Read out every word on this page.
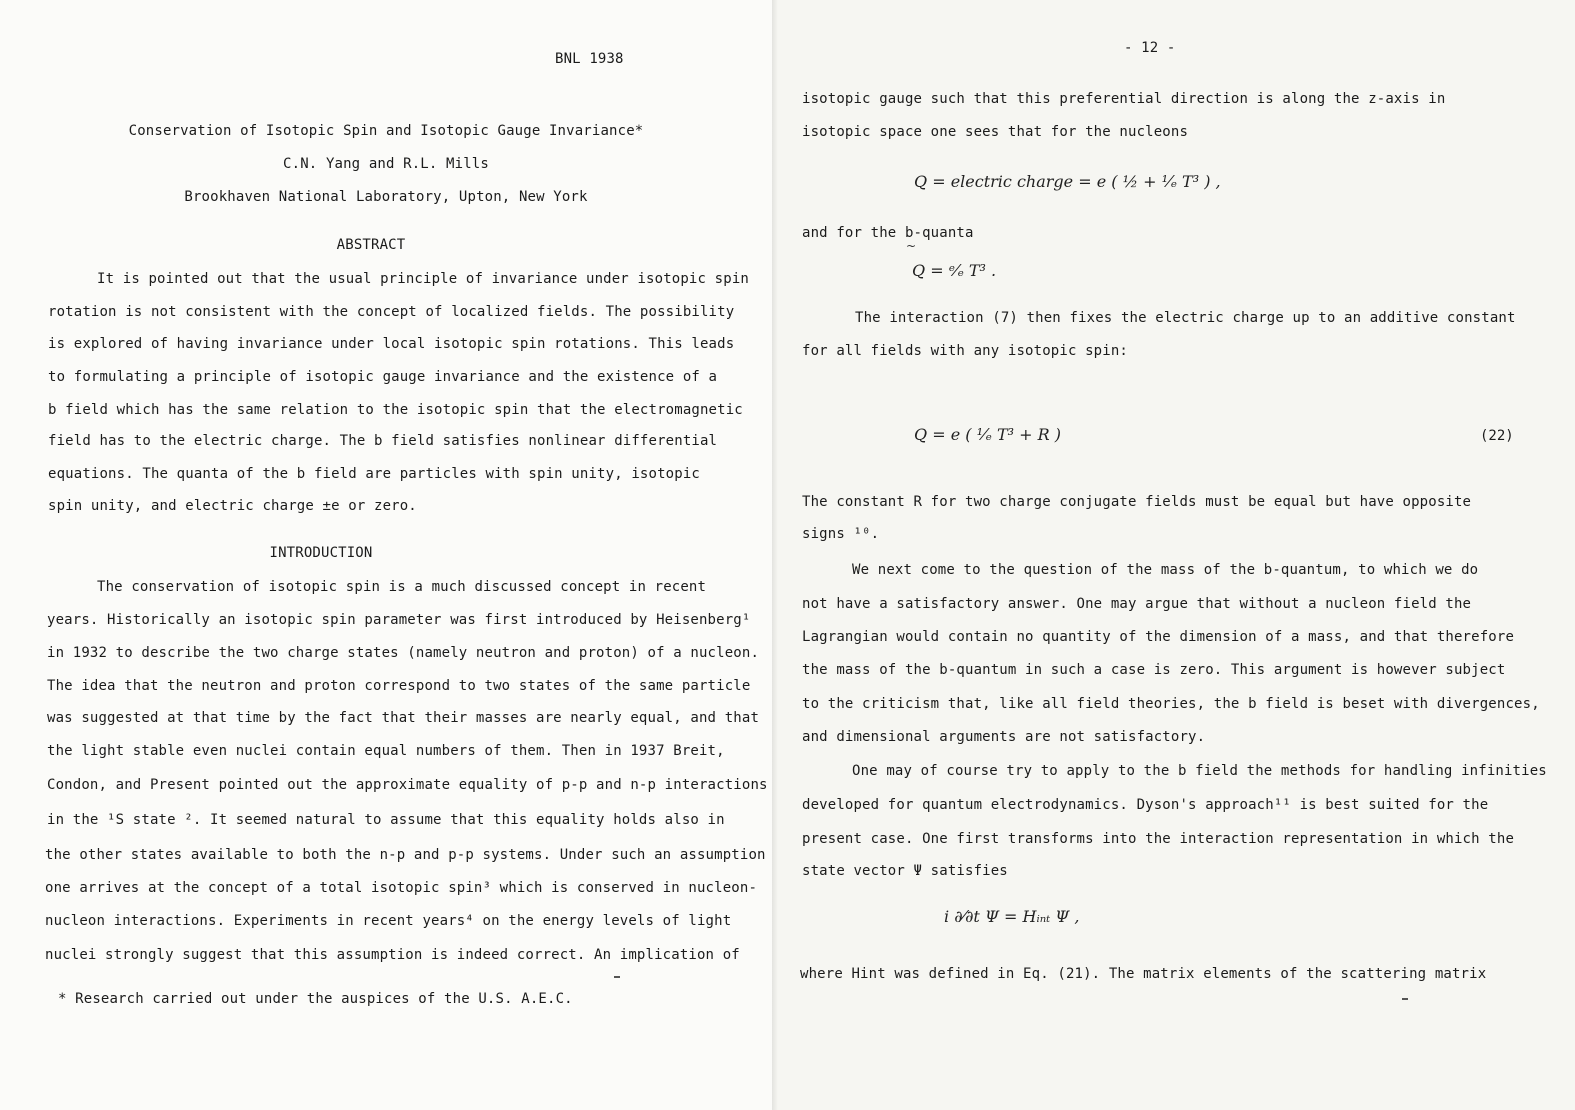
BNL 1938
Conservation of Isotopic Spin and Isotopic Gauge Invariance*
C.N. Yang and R.L. Mills
Brookhaven National Laboratory, Upton, New York
ABSTRACT
It is pointed out that the usual principle of invariance under isotopic spin
rotation is not consistent with the concept of localized fields. The possibility
is explored of having invariance under local isotopic spin rotations. This leads
to formulating a principle of isotopic gauge invariance and the existence of a
b field which has the same relation to the isotopic spin that the electromagnetic
field has to the electric charge. The b field satisfies nonlinear differential
equations. The quanta of the b field are particles with spin unity, isotopic
spin unity, and electric charge ±e or zero.
INTRODUCTION
The conservation of isotopic spin is a much discussed concept in recent
years. Historically an isotopic spin parameter was first introduced by Heisenberg¹
in 1932 to describe the two charge states (namely neutron and proton) of a nucleon.
The idea that the neutron and proton correspond to two states of the same particle
was suggested at that time by the fact that their masses are nearly equal, and that
the light stable even nuclei contain equal numbers of them. Then in 1937 Breit,
Condon, and Present pointed out the approximate equality of p-p and n-p interactions
in the ¹S state ². It seemed natural to assume that this equality holds also in
the other states available to both the n-p and p-p systems. Under such an assumption
one arrives at the concept of a total isotopic spin³ which is conserved in nucleon-
nucleon interactions. Experiments in recent years⁴ on the energy levels of light
nuclei strongly suggest that this assumption is indeed correct. An implication of
* Research carried out under the auspices of the U.S. A.E.C.
- 12 -
isotopic gauge such that this preferential direction is along the z-axis in
isotopic space one sees that for the nucleons
Q = electric charge = e ( ½ + ¹⁄ₑ T³ ) ,
and for the b-quanta
~
Q = ᵉ⁄ₑ T³ .
The interaction (7) then fixes the electric charge up to an additive constant
for all fields with any isotopic spin:
Q = e ( ¹⁄ₑ T³ + R )	(22)
The constant R for two charge conjugate fields must be equal but have opposite
signs ¹⁰.
We next come to the question of the mass of the b-quantum, to which we do
not have a satisfactory answer. One may argue that without a nucleon field the
Lagrangian would contain no quantity of the dimension of a mass, and that therefore
the mass of the b-quantum in such a case is zero. This argument is however subject
to the criticism that, like all field theories, the b field is beset with divergences,
and dimensional arguments are not satisfactory.
One may of course try to apply to the b field the methods for handling infinities
developed for quantum electrodynamics. Dyson's approach¹¹ is best suited for the
present case. One first transforms into the interaction representation in which the
state vector Ψ satisfies
i ∂⁄∂t Ψ = Hᵢₙₜ Ψ ,
where Hint was defined in Eq. (21). The matrix elements of the scattering matrix
